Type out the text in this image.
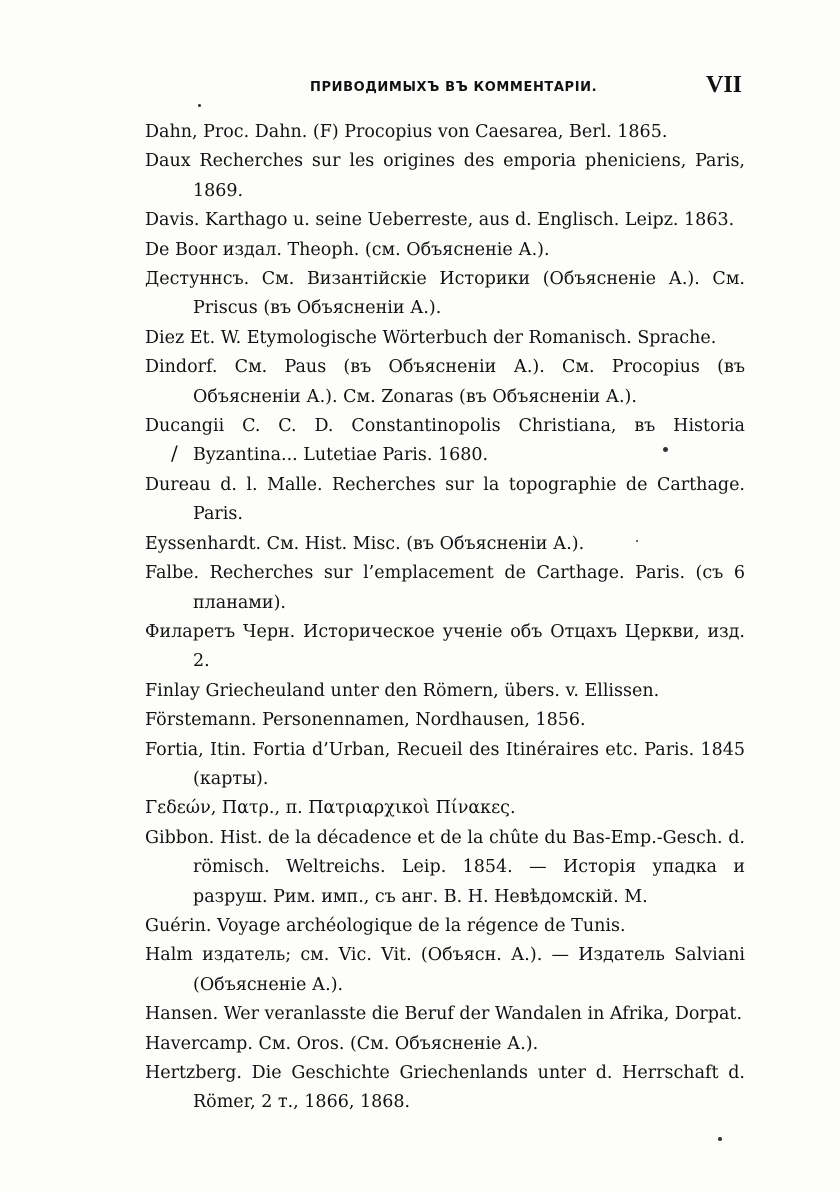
ПРИВОДИМЫХЪ ВЪ КОММЕНТАРІИ.	VII

Dahn, Proc. Dahn. (F) Procopius von Caesarea, Berl. 1865.

Daux Recherches sur les origines des emporia pheniciens, Paris, 1869.

Davis. Karthago u. seine Ueberreste, aus d. Englisch. Leipz. 1863.

De Boor издал. Theoph. (см. Объясненіе А.).

Дестуннсъ. См. Византійскіе Историки (Объясненіе А.). См. Priscus (въ Объясненіи А.).

Diez Et. W. Etymologische Wörterbuch der Romanisch. Sprache.

Dindorf. См. Paus (въ Объясненіи А.). См. Procopius (въ Объясненіи А.). См. Zonaras (въ Объясненіи А.).

Ducangii C. C. D. Constantinopolis Christiana, въ Historia Byzantina... Lutetiae Paris. 1680.

Dureau d. l. Malle. Recherches sur la topographie de Carthage. Paris.

Eyssenhardt. См. Hist. Misc. (въ Объясненіи А.).

Falbe. Recherches sur l’emplacement de Carthage. Paris. (съ 6 планами).

Филаретъ Черн. Историческое ученіе объ Отцахъ Церкви, изд. 2.

Finlay Griecheuland unter den Römern, übers. v. Ellissen.

Förstemann. Personennamen, Nordhausen, 1856.

Fortia, Itin. Fortia d’Urban, Recueil des Itinéraires etc. Paris. 1845 (карты).

Γεδεών, Πατρ., π. Πατριαρχικοὶ Πίνακες.

Gibbon. Hist. de la décadence et de la chûte du Bas-Emp.-Gesch. d. römisch. Weltreichs. Leip. 1854. — Исторія упадка и разруш. Рим. имп., съ анг. В. Н. Невѣдомскій. М.

Guérin. Voyage archéologique de la régence de Tunis.

Halm издатель; см. Vic. Vit. (Объясн. А.). — Издатель Salviani (Объясненіе А.).

Hansen. Wer veranlasste die Beruf der Wandalen in Afrika, Dorpat.

Havercamp. См. Oros. (См. Объясненіе А.).

Hertzberg. Die Geschichte Griechenlands unter d. Herrschaft d. Römer, 2 т., 1866, 1868.

/
